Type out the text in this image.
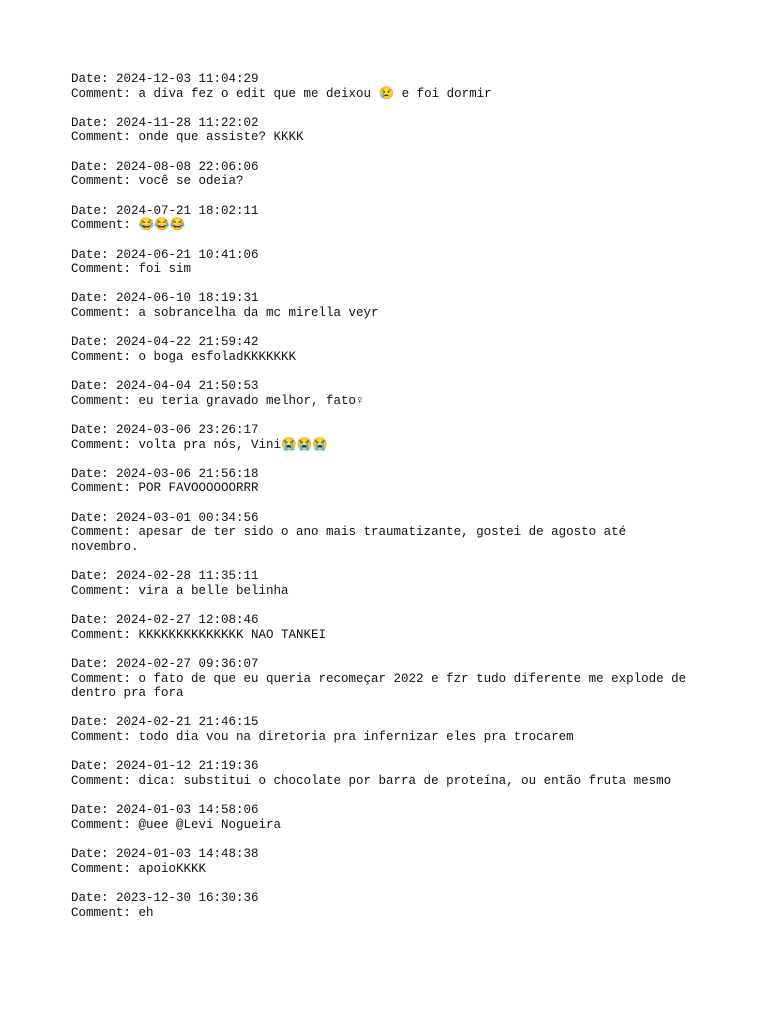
Date: 2024-12-03 11:04:29
Comment: a diva fez o edit que me deixou 😢 e foi dormir
Date: 2024-11-28 11:22:02
Comment: onde que assiste? KKKK
Date: 2024-08-08 22:06:06
Comment: você se odeia?
Date: 2024-07-21 18:02:11
Comment: 😂😂😂
Date: 2024-06-21 10:41:06
Comment: foi sim
Date: 2024-06-10 18:19:31
Comment: a sobrancelha da mc mirella veyr
Date: 2024-04-22 21:59:42
Comment: o boga esfoladKKKKKKK
Date: 2024-04-04 21:50:53
Comment: eu teria gravado melhor, fato♀
Date: 2024-03-06 23:26:17
Comment: volta pra nós, Vini😭😭😭
Date: 2024-03-06 21:56:18
Comment: POR FAVOOOOOORRR
Date: 2024-03-01 00:34:56
Comment: apesar de ter sido o ano mais traumatizante, gostei de agosto até novembro.
Date: 2024-02-28 11:35:11
Comment: vira a belle belinha
Date: 2024-02-27 12:08:46
Comment: KKKKKKKKKKKKKK NAO TANKEI
Date: 2024-02-27 09:36:07
Comment: o fato de que eu queria recomeçar 2022 e fzr tudo diferente me explode de dentro pra fora
Date: 2024-02-21 21:46:15
Comment: todo dia vou na diretoria pra infernizar eles pra trocarem
Date: 2024-01-12 21:19:36
Comment: dica: substitui o chocolate por barra de proteína, ou então fruta mesmo
Date: 2024-01-03 14:58:06
Comment: @uee @Levi Nogueira
Date: 2024-01-03 14:48:38
Comment: apoioKKKK
Date: 2023-12-30 16:30:36
Comment: eh
